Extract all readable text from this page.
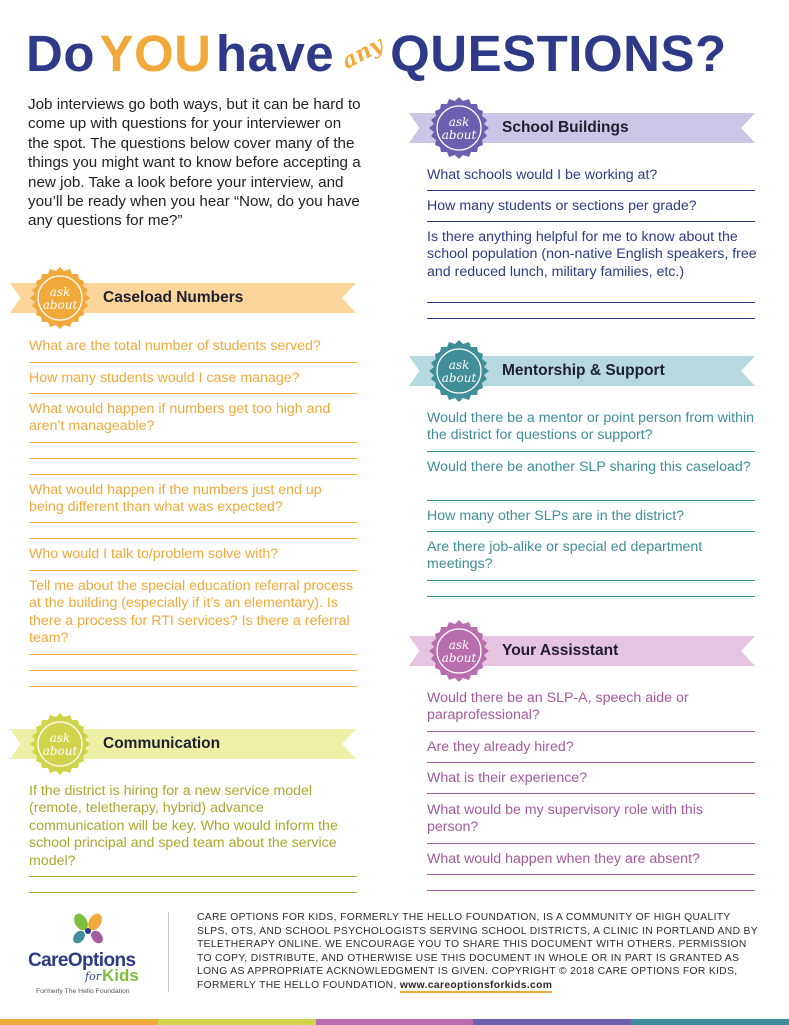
Do YOU have any QUESTIONS?

Job interviews go both ways, but it can be hard to come up with questions for your interviewer on the spot. The questions below cover many of the things you might want to know before accepting a new job. Take a look before your interview, and you’ll be ready when you hear “Now, do you have any questions for me?”

ask
about Caseload Numbers
What are the total number of students served?
How many students would I case manage?
What would happen if numbers get too high and aren’t manageable?
What would happen if the numbers just end up being different than what was expected?
Who would I talk to/problem solve with?
Tell me about the special education referral process at the building (especially if it’s an elementary). Is there a process for RTI services? Is there a referral team?
ask
about Communication
If the district is hiring for a new service model (remote, teletherapy, hybrid) advance communication will be key. Who would inform the school principal and sped team about the service model?
ask
about School Buildings
What schools would I be working at?
How many students or sections per grade?
Is there anything helpful for me to know about the school population (non-native English speakers, free and reduced lunch, military families, etc.)
ask
about Mentorship & Support
Would there be a mentor or point person from within the district for questions or support?
Would there be another SLP sharing this caseload?
How many other SLPs are in the district?
Are there job-alike or special ed department meetings?
ask
about Your Assisstant
Would there be an SLP-A, speech aide or paraprofessional?
Are they already hired?
What is their experience?
What would be my supervisory role with this person?
What would happen when they are absent?
CareOptions
for Kids
Formerly The Hello Foundation

CARE OPTIONS FOR KIDS, FORMERLY THE HELLO FOUNDATION, IS A COMMUNITY OF HIGH QUALITY SLPS, OTS, AND SCHOOL PSYCHOLOGISTS SERVING SCHOOL DISTRICTS, A CLINIC IN PORTLAND AND BY TELETHERAPY ONLINE. WE ENCOURAGE YOU TO SHARE THIS DOCUMENT WITH OTHERS. PERMISSION TO COPY, DISTRIBUTE, AND OTHERWISE USE THIS DOCUMENT IN WHOLE OR IN PART IS GRANTED AS LONG AS APPROPRIATE ACKNOWLEDGMENT IS GIVEN. COPYRIGHT © 2018 CARE OPTIONS FOR KIDS, FORMERLY THE HELLO FOUNDATION, www.careoptionsforkids.com
